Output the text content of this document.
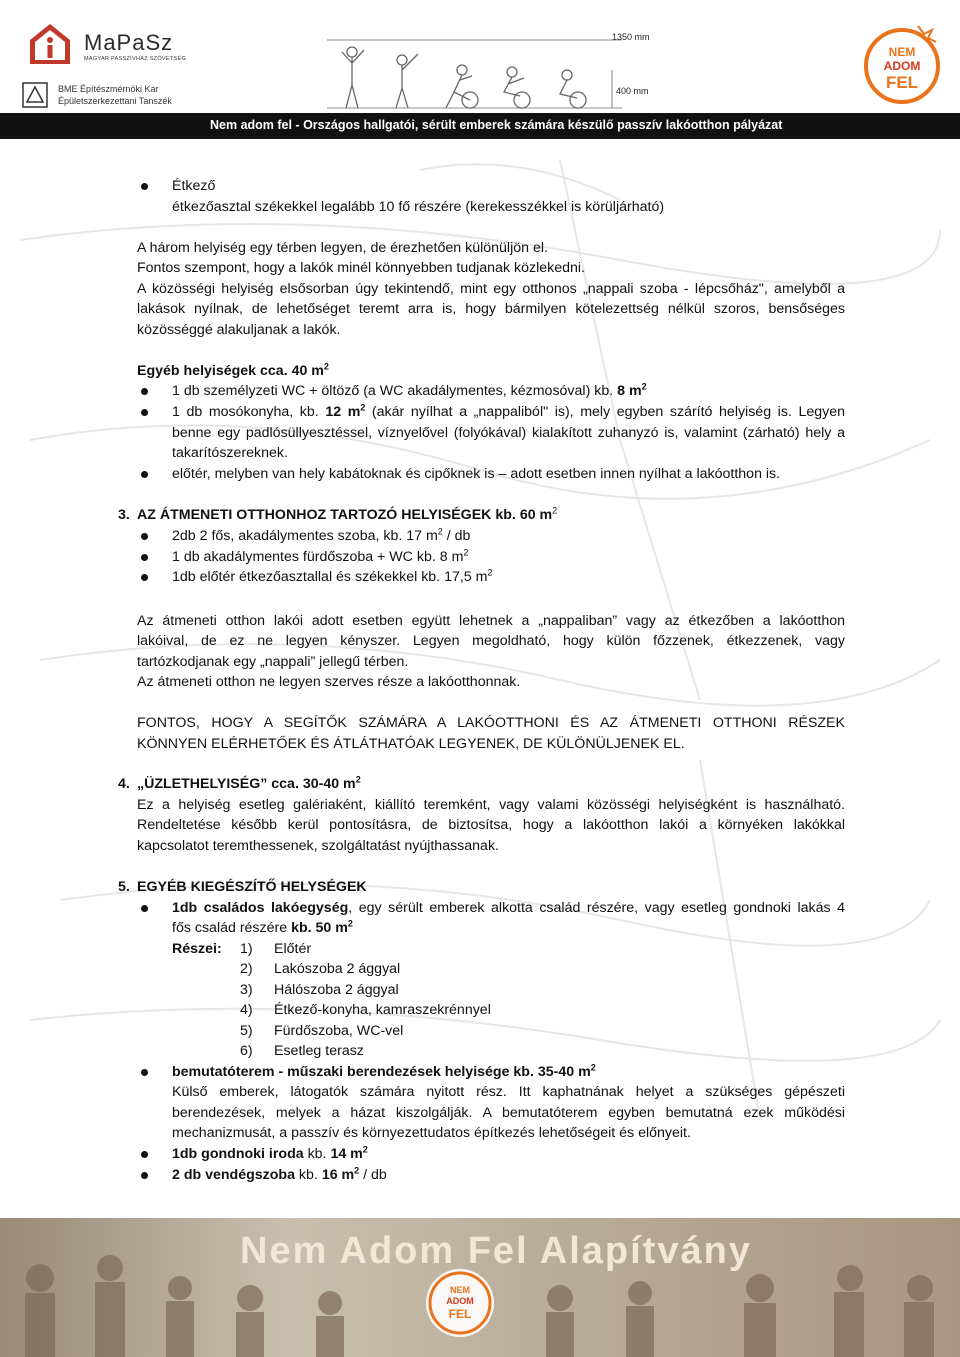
MaPaSz
MAGYAR PASSZÍVHÁZ SZÖVETSÉG
BME Építészmérnöki Kar
Épületszerkezettani Tanszék
1350 mm
400 mm
NEM
ADOM
FEL
Nem adom fel - Országos hallgatói, sérült emberek számára készülő passzív lakóotthon pályázat
Étkező
étkezőasztal székekkel legalább 10 fő részére (kerekesszékkel is körüljárható)
A három helyiség egy térben legyen, de érezhetően különüljön el.
Fontos szempont, hogy a lakók minél könnyebben tudjanak közlekedni.
A közösségi helyiség elsősorban úgy tekintendő, mint egy otthonos „nappali szoba - lépcsőház", amelyből a
lakások nyílnak, de lehetőséget teremt arra is, hogy bármilyen kötelezettség nélkül szoros, bensőséges
közösséggé alakuljanak a lakók.
Egyéb helyiségek cca. 40 $m^2$
1 db személyzeti WC + öltöző (a WC akadálymentes, kézmosóval) kb. 8 $m^2$
1 db mosókonyha, kb. 12 $m^2$ (akár nyílhat a „nappaliból" is), mely egyben szárító helyiség is. Legyen
benne egy padlósüllyesztéssel, víznyelővel (folyókával) kialakított zuhanyzó is, valamint (zárható) hely a
takarítószereknek.
előtér, melyben van hely kabátoknak és cipőknek is – adott esetben innen nyílhat a lakóotthon is.
3. AZ ÁTMENETI OTTHONHOZ TARTOZÓ HELYISÉGEK kb. 60 $m^2$
2db 2 fős, akadálymentes szoba, kb. 17 $m^2$ / db
1 db akadálymentes fürdőszoba + WC kb. 8 $m^2$
1db előtér étkezőasztallal és székekkel kb. 17,5 $m^2$
Az átmeneti otthon lakói adott esetben együtt lehetnek a „nappaliban” vagy az étkezőben a lakóotthon
lakóival, de ez ne legyen kényszer. Legyen megoldható, hogy külön főzzenek, étkezzenek, vagy
tartózkodjanak egy „nappali” jellegű térben.
Az átmeneti otthon ne legyen szerves része a lakóotthonnak.
FONTOS, HOGY A SEGÍTŐK SZÁMÁRA A LAKÓOTTHONI ÉS AZ ÁTMENETI OTTHONI RÉSZEK
KÖNNYEN ELÉRHETŐEK ÉS ÁTLÁTHATÓAK LEGYENEK, DE KÜLÖNÜLJENEK EL.
4. „ÜZLETHELYISÉG” cca. 30-40 $m^2$
Ez a helyiség esetleg galériaként, kiállító teremként, vagy valami közösségi helyiségként is használható.
Rendeltetése később kerül pontosításra, de biztosítsa, hogy a lakóotthon lakói a környéken lakókkal
kapcsolatot teremthessenek, szolgáltatást nyújthassanak.
5. EGYÉB KIEGÉSZÍTŐ HELYSÉGEK
1db családos lakóegység, egy sérült emberek alkotta család részére, vagy esetleg gondnoki lakás 4
fős család részére kb. 50 $m^2$
Részei: 1) Előtér
2) Lakószoba 2 ággyal
3) Hálószoba 2 ággyal
4) Étkező-konyha, kamraszekrénnyel
5) Fürdőszoba, WC-vel
6) Esetleg terasz
bemutatóterem - műszaki berendezések helyisége kb. 35-40 $m^2$
Külső emberek, látogatók számára nyitott rész. Itt kaphatnának helyet a szükséges gépészeti
berendezések, melyek a házat kiszolgálják. A bemutatóterem egyben bemutatná ezek működési
mechanizmusát, a passzív és környezettudatos építkezés lehetőségeit és előnyeit.
1db gondnoki iroda kb. 14 $m^2$
2 db vendégszoba kb. 16 $m^2$ / db
Nem Adom Fel Alapítvány
NEM
ADOM
FEL
